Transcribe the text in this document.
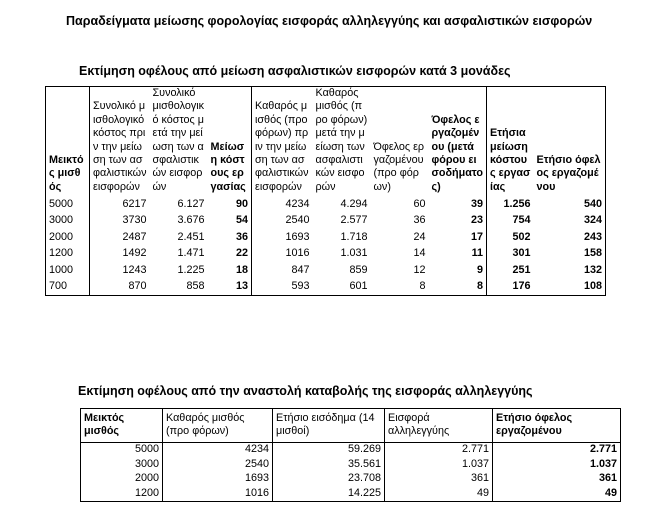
Παραδείγματα μείωσης φορολογίας εισφοράς αλληλεγγύης και ασφαλιστικών εισφορών
Εκτίμηση οφέλους από μείωση ασφαλιστικών εισφορών κατά 3 μονάδες
Μεικτός μισθός	Συνολικό μισθολογικό κόστος πριν την μείωση των ασφαλιστικών εισφορών	Συνολικό μισθολογικό κόστος μετά την μείωση των ασφαλιστικών εισφορών	Μείωση κόστους εργασίας	Καθαρός μισθός (προ φόρων) πριν την μείωση των ασφαλιστικών εισφορών	Καθαρός μισθός (προ φόρων) μετά την μείωση των ασφαλιστικών εισφορών	Όφελος εργαζομένου (προ φόρων)	Όφελος εργαζομένου (μετά φόρου εισοδήματος)	Ετήσια μείωση κόστους εργασίας	Ετήσιο όφελος εργαζομένου
5000	6217	6.127	90	4234	4.294	60	39	1.256	540
3000	3730	3.676	54	2540	2.577	36	23	754	324
2000	2487	2.451	36	1693	1.718	24	17	502	243
1200	1492	1.471	22	1016	1.031	14	11	301	158
1000	1243	1.225	18	847	859	12	9	251	132
700	870	858	13	593	601	8	8	176	108
Εκτίμηση οφέλους από την αναστολή καταβολής της εισφοράς αλληλεγγύης
Μεικτός μισθός	Καθαρός μισθός (προ φόρων)	Ετήσιο εισόδημα (14 μισθοί)	Εισφορά αλληλεγγύης	Ετήσιο όφελος εργαζομένου
5000	4234	59.269	2.771	2.771
3000	2540	35.561	1.037	1.037
2000	1693	23.708	361	361
1200	1016	14.225	49	49
